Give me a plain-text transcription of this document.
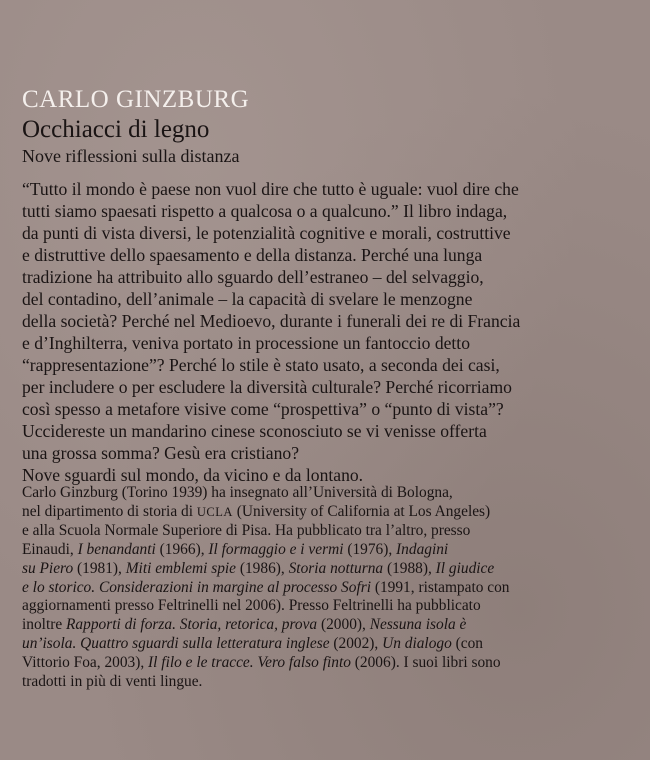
CARLO GINZBURG
Occhiacci di legno
Nove riflessioni sulla distanza
“Tutto il mondo è paese non vuol dire che tutto è uguale: vuol dire che
tutti siamo spaesati rispetto a qualcosa o a qualcuno.” Il libro indaga,
da punti di vista diversi, le potenzialità cognitive e morali, costruttive
e distruttive dello spaesamento e della distanza. Perché una lunga
tradizione ha attribuito allo sguardo dell’estraneo – del selvaggio,
del contadino, dell’animale – la capacità di svelare le menzogne
della società? Perché nel Medioevo, durante i funerali dei re di Francia
e d’Inghilterra, veniva portato in processione un fantoccio detto
“rappresentazione”? Perché lo stile è stato usato, a seconda dei casi,
per includere o per escludere la diversità culturale? Perché ricorriamo
così spesso a metafore visive come “prospettiva” o “punto di vista”?
Uccidereste un mandarino cinese sconosciuto se vi venisse offerta
una grossa somma? Gesù era cristiano?
Nove sguardi sul mondo, da vicino e da lontano.
Carlo Ginzburg (Torino 1939) ha insegnato all’Università di Bologna,
nel dipartimento di storia di UCLA (University of California at Los Angeles)
e alla Scuola Normale Superiore di Pisa. Ha pubblicato tra l’altro, presso
Einaudi, I benandanti (1966), Il formaggio e i vermi (1976), Indagini
su Piero (1981), Miti emblemi spie (1986), Storia notturna (1988), Il giudice
e lo storico. Considerazioni in margine al processo Sofri (1991, ristampato con
aggiornamenti presso Feltrinelli nel 2006). Presso Feltrinelli ha pubblicato
inoltre Rapporti di forza. Storia, retorica, prova (2000), Nessuna isola è
un’isola. Quattro sguardi sulla letteratura inglese (2002), Un dialogo (con
Vittorio Foa, 2003), Il filo e le tracce. Vero falso finto (2006). I suoi libri sono
tradotti in più di venti lingue.
